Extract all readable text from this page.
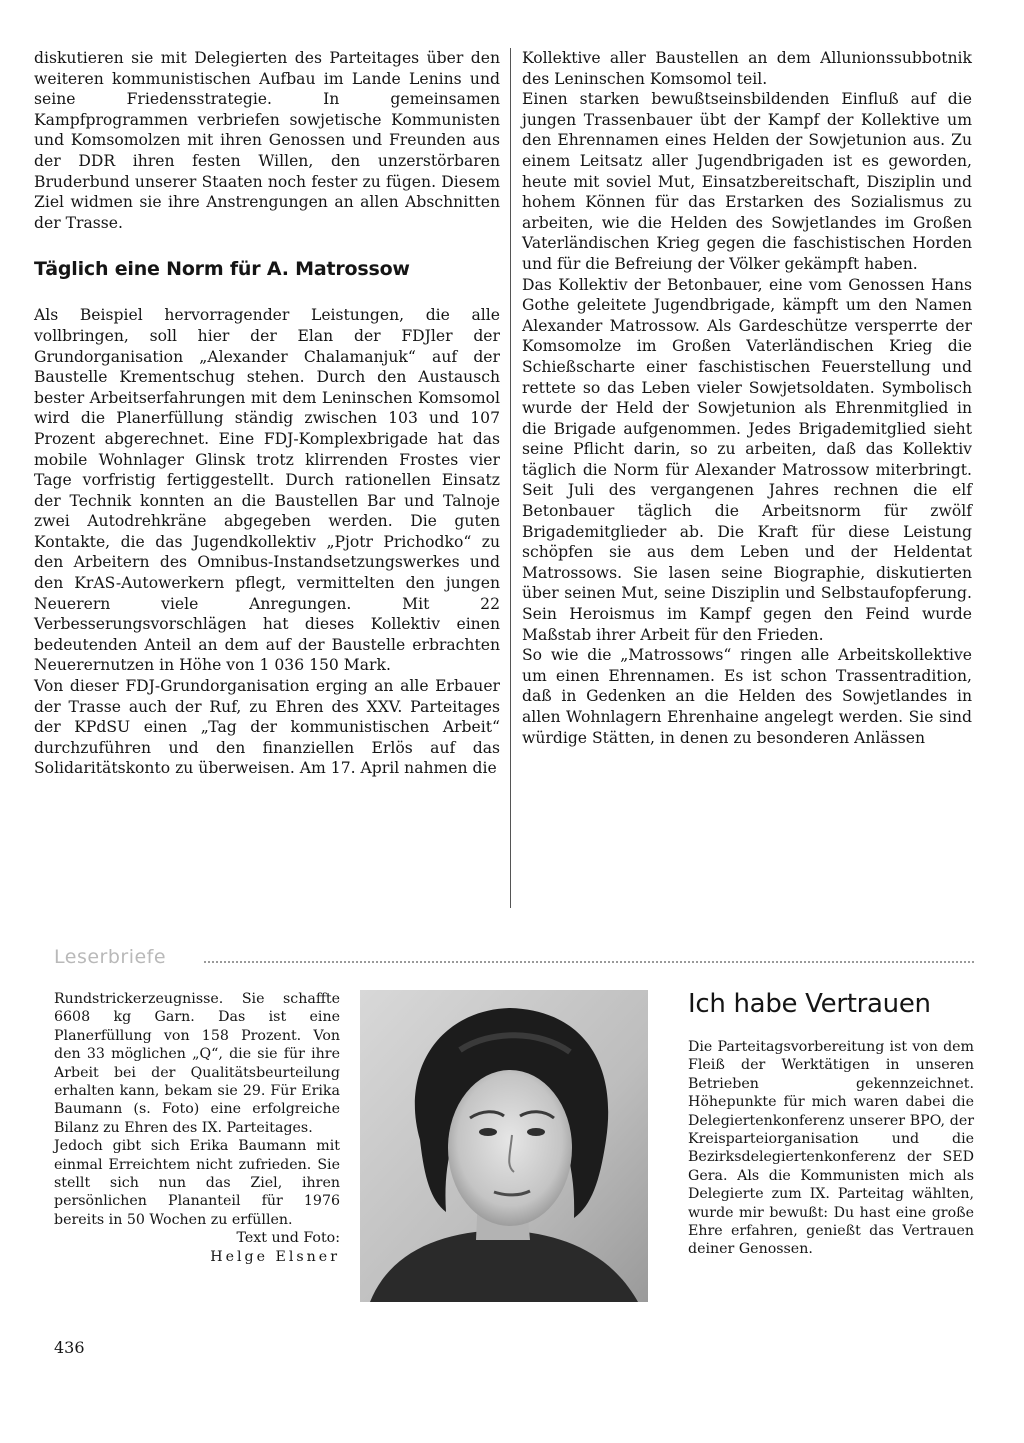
diskutieren sie mit Delegierten des Parteitages über den weiteren kommunistischen Aufbau im Lande Lenins und seine Friedensstrategie. In gemeinsamen Kampfprogrammen verbriefen sowjetische Kommunisten und Komsomolzen mit ihren Genossen und Freunden aus der DDR ihren festen Willen, den unzerstörbaren Bruderbund unserer Staaten noch fester zu fügen. Diesem Ziel widmen sie ihre Anstrengungen an allen Abschnitten der Trasse.

Täglich eine Norm für A. Matrossow

Als Beispiel hervorragender Leistungen, die alle vollbringen, soll hier der Elan der FDJler der Grundorganisation „Alexander Chalamanjuk“ auf der Baustelle Krementschug stehen. Durch den Austausch bester Arbeitserfahrungen mit dem Leninschen Komsomol wird die Planerfüllung ständig zwischen 103 und 107 Prozent abgerechnet. Eine FDJ-Komplexbrigade hat das mobile Wohnlager Glinsk trotz klirrenden Frostes vier Tage vorfristig fertiggestellt. Durch rationellen Einsatz der Technik konnten an die Baustellen Bar und Talnoje zwei Autodrehkräne abgegeben werden. Die guten Kontakte, die das Jugendkollektiv „Pjotr Prichodko“ zu den Arbeitern des Omnibus-Instandsetzungswerkes und den KrAS-Autowerkern pflegt, vermittelten den jungen Neuerern viele Anregungen. Mit 22 Verbesserungsvorschlägen hat dieses Kollektiv einen bedeutenden Anteil an dem auf der Baustelle erbrachten Neuerernutzen in Höhe von 1 036 150 Mark.

Von dieser FDJ-Grundorganisation erging an alle Erbauer der Trasse auch der Ruf, zu Ehren des XXV. Parteitages der KPdSU einen „Tag der kommunistischen Arbeit“ durchzuführen und den finanziellen Erlös auf das Solidaritätskonto zu überweisen. Am 17. April nahmen die

Kollektive aller Baustellen an dem Allunionssubbotnik des Leninschen Komsomol teil.

Einen starken bewußtseinsbildenden Einfluß auf die jungen Trassenbauer übt der Kampf der Kollektive um den Ehrennamen eines Helden der Sowjetunion aus. Zu einem Leitsatz aller Jugendbrigaden ist es geworden, heute mit soviel Mut, Einsatzbereitschaft, Disziplin und hohem Können für das Erstarken des Sozialismus zu arbeiten, wie die Helden des Sowjetlandes im Großen Vaterländischen Krieg gegen die faschistischen Horden und für die Befreiung der Völker gekämpft haben.

Das Kollektiv der Betonbauer, eine vom Genossen Hans Gothe geleitete Jugendbrigade, kämpft um den Namen Alexander Matrossow. Als Gardeschütze versperrte der Komsomolze im Großen Vaterländischen Krieg die Schießscharte einer faschistischen Feuerstellung und rettete so das Leben vieler Sowjetsoldaten. Symbolisch wurde der Held der Sowjetunion als Ehrenmitglied in die Brigade aufgenommen. Jedes Brigademitglied sieht seine Pflicht darin, so zu arbeiten, daß das Kollektiv täglich die Norm für Alexander Matrossow miterbringt. Seit Juli des vergangenen Jahres rechnen die elf Betonbauer täglich die Arbeitsnorm für zwölf Brigademitglieder ab. Die Kraft für diese Leistung schöpfen sie aus dem Leben und der Heldentat Matrossows. Sie lasen seine Biographie, diskutierten über seinen Mut, seine Disziplin und Selbstaufopferung. Sein Heroismus im Kampf gegen den Feind wurde Maßstab ihrer Arbeit für den Frieden.

So wie die „Matrossows“ ringen alle Arbeitskollektive um einen Ehrennamen. Es ist schon Trassentradition, daß in Gedenken an die Helden des Sowjetlandes in allen Wohnlagern Ehrenhaine angelegt werden. Sie sind würdige Stätten, in denen zu besonderen Anlässen

Leserbriefe

Rundstrickerzeugnisse. Sie schaffte 6608 kg Garn. Das ist eine Planerfüllung von 158 Prozent. Von den 33 möglichen „Q“, die sie für ihre Arbeit bei der Qualitätsbeurteilung erhalten kann, bekam sie 29. Für Erika Baumann (s. Foto) eine erfolgreiche Bilanz zu Ehren des IX. Parteitages.

Jedoch gibt sich Erika Baumann mit einmal Erreichtem nicht zufrieden. Sie stellt sich nun das Ziel, ihren persönlichen Plananteil für 1976 bereits in 50 Wochen zu erfüllen.

Text und Foto:

Helge Elsner

Ich habe Vertrauen

Die Parteitagsvorbereitung ist von dem Fleiß der Werktätigen in unseren Betrieben gekennzeichnet. Höhepunkte für mich waren dabei die Delegiertenkonferenz unserer BPO, der Kreisparteiorganisation und die Bezirksdelegiertenkonferenz der SED Gera. Als die Kommunisten mich als Delegierte zum IX. Parteitag wählten, wurde mir bewußt: Du hast eine große Ehre erfahren, genießt das Vertrauen deiner Genossen.

436
